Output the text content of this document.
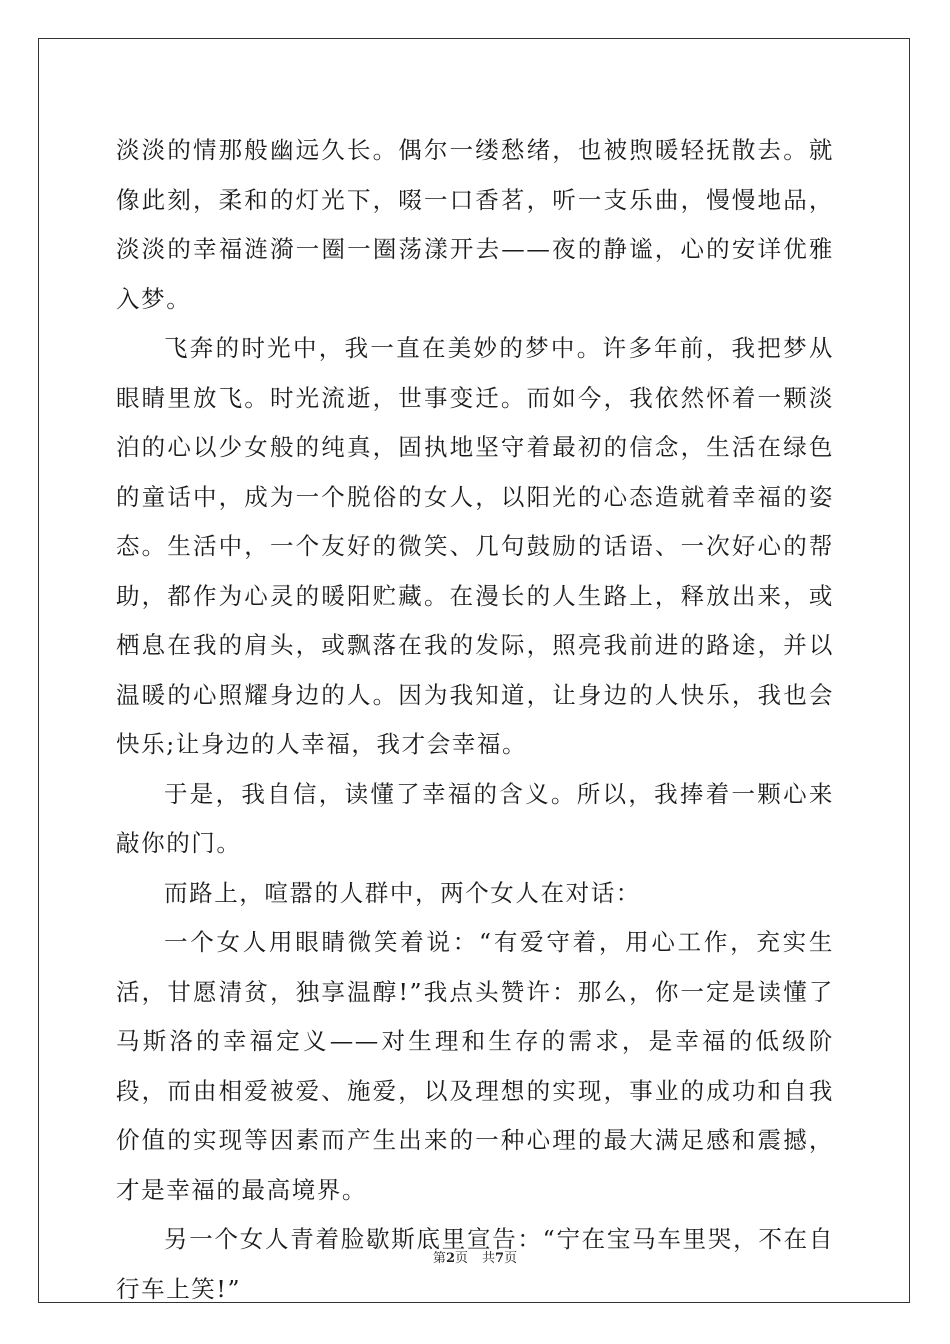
淡淡的情那般幽远久长。偶尔一缕愁绪，也被煦暖轻抚散去。就像此刻，柔和的灯光下，啜一口香茗，听一支乐曲，慢慢地品，淡淡的幸福涟漪一圈一圈荡漾开去——夜的静谧，心的安详优雅入梦。

飞奔的时光中，我一直在美妙的梦中。许多年前，我把梦从眼睛里放飞。时光流逝，世事变迁。而如今，我依然怀着一颗淡泊的心以少女般的纯真，固执地坚守着最初的信念，生活在绿色的童话中，成为一个脱俗的女人，以阳光的心态造就着幸福的姿态。生活中，一个友好的微笑、几句鼓励的话语、一次好心的帮助，都作为心灵的暖阳贮藏。在漫长的人生路上，释放出来，或栖息在我的肩头，或飘落在我的发际，照亮我前进的路途，并以温暖的心照耀身边的人。因为我知道，让身边的人快乐，我也会快乐;让身边的人幸福，我才会幸福。

于是，我自信，读懂了幸福的含义。所以，我捧着一颗心来敲你的门。

而路上，喧嚣的人群中，两个女人在对话：

一个女人用眼睛微笑着说：“有爱守着，用心工作，充实生活，甘愿清贫，独享温醇!”我点头赞许：那么，你一定是读懂了马斯洛的幸福定义——对生理和生存的需求，是幸福的低级阶段，而由相爱被爱、施爱，以及理想的实现，事业的成功和自我价值的实现等因素而产生出来的一种心理的最大满足感和震撼，才是幸福的最高境界。

另一个女人青着脸歇斯底里宣告：“宁在宝马车里哭，不在自行车上笑!”

第2页 共7页
